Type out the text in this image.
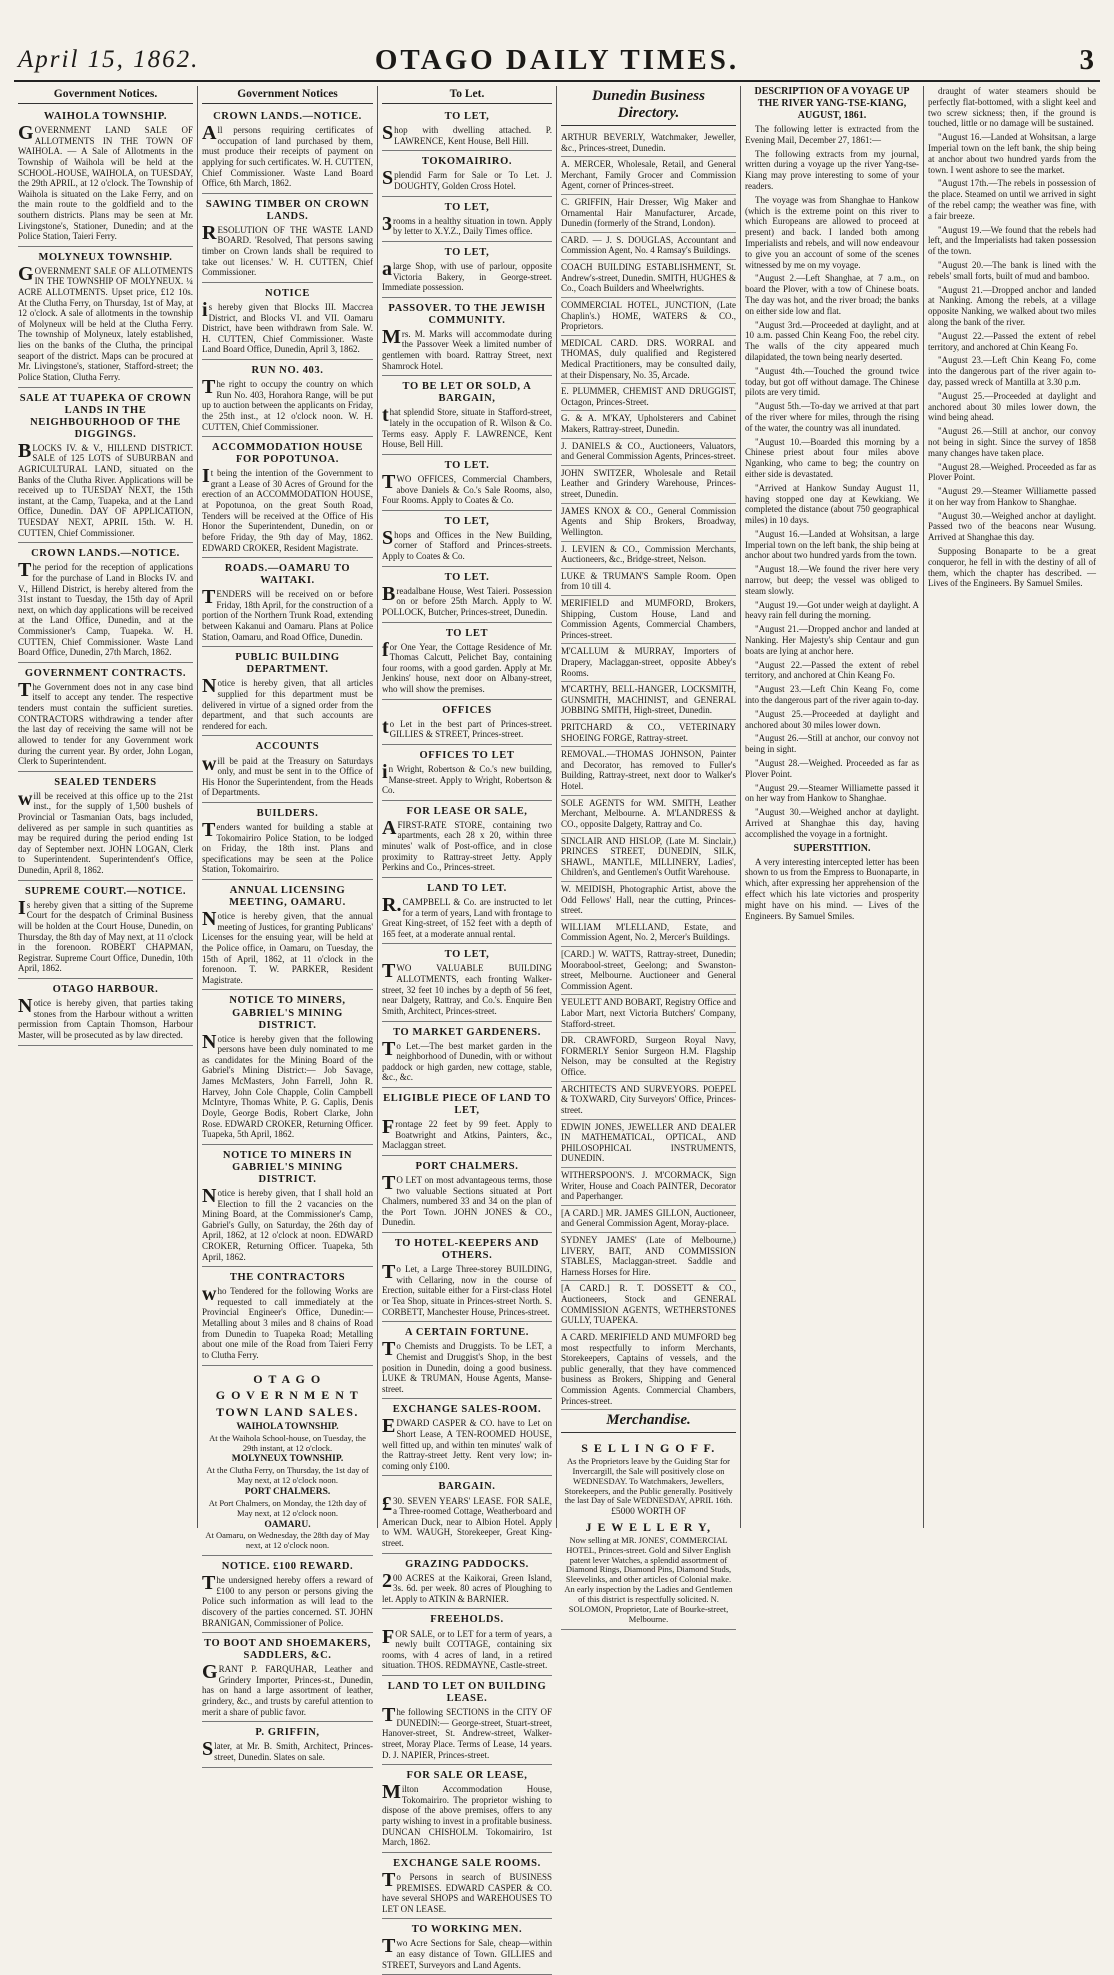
April 15, 1862.	OTAGO DAILY TIMES.	3
Government Notices.
WAIHOLA TOWNSHIP.
GOVERNMENT LAND SALE OF ALLOTMENTS IN THE TOWN OF WAIHOLA. — A Sale of Allotments in the Township of Waihola will be held at the SCHOOL-HOUSE, WAIHOLA, on TUESDAY, the 29th APRIL, at 12 o'clock. The Township of Waihola is situated on the Lake Ferry, and on the main route to the goldfield and to the southern districts. Plans may be seen at Mr. Livingstone's, Stationer, Dunedin; and at the Police Station, Taieri Ferry.
MOLYNEUX TOWNSHIP.
GOVERNMENT SALE OF ALLOTMENTS IN THE TOWNSHIP OF MOLYNEUX. ¼ ACRE ALLOTMENTS. Upset price, £12 10s. At the Clutha Ferry, on Thursday, 1st of May, at 12 o'clock. A sale of allotments in the township of Molyneux will be held at the Clutha Ferry. The township of Molyneux, lately established, lies on the banks of the Clutha, the principal seaport of the district. Maps can be procured at Mr. Livingstone's, stationer, Stafford-street; the Police Station, Clutha Ferry.
SALE AT TUAPEKA OF CROWN LANDS IN THE NEIGHBOURHOOD OF THE DIGGINGS.
BLOCKS IV. & V., HILLEND DISTRICT. SALE of 125 LOTS of SUBURBAN and AGRICULTURAL LAND, situated on the Banks of the Clutha River. Applications will be received up to TUESDAY NEXT, the 15th instant, at the Camp, Tuapeka, and at the Land Office, Dunedin. DAY OF APPLICATION, TUESDAY NEXT, APRIL 15th. W. H. CUTTEN, Chief Commissioner.
CROWN LANDS.—NOTICE.
The period for the reception of applications for the purchase of Land in Blocks IV. and V., Hillend District, is hereby altered from the 31st instant to Tuesday, the 15th day of April next, on which day applications will be received at the Land Office, Dunedin, and at the Commissioner's Camp, Tuapeka. W. H. CUTTEN, Chief Commissioner. Waste Land Board Office, Dunedin, 27th March, 1862.
GOVERNMENT CONTRACTS.
The Government does not in any case bind itself to accept any tender. The respective tenders must contain the sufficient sureties. CONTRACTORS withdrawing a tender after the last day of receiving the same will not be allowed to tender for any Government work during the current year. By order, John Logan, Clerk to Superintendent.
SEALED TENDERS
will be received at this office up to the 21st inst., for the supply of 1,500 bushels of Provincial or Tasmanian Oats, bags included, delivered as per sample in such quantities as may be required during the period ending 1st day of September next. JOHN LOGAN, Clerk to Superintendent. Superintendent's Office, Dunedin, April 8, 1862.
SUPREME COURT.—NOTICE.
Is hereby given that a sitting of the Supreme Court for the despatch of Criminal Business will be holden at the Court House, Dunedin, on Thursday, the 8th day of May next, at 11 o'clock in the forenoon. ROBERT CHAPMAN, Registrar. Supreme Court Office, Dunedin, 10th April, 1862.
OTAGO HARBOUR.
Notice is hereby given, that parties taking stones from the Harbour without a written permission from Captain Thomson, Harbour Master, will be prosecuted as by law directed.
Government Notices
CROWN LANDS.—NOTICE.
All persons requiring certificates of occupation of land purchased by them, must produce their receipts of payment on applying for such certificates. W. H. CUTTEN, Chief Commissioner. Waste Land Board Office, 6th March, 1862.
SAWING TIMBER ON CROWN LANDS.
RESOLUTION OF THE WASTE LAND BOARD. 'Resolved, That persons sawing timber on Crown lands shall be required to take out licenses.' W. H. CUTTEN, Chief Commissioner.
NOTICE
is hereby given that Blocks III. Maccrea District, and Blocks VI. and VII. Oamaru District, have been withdrawn from Sale. W. H. CUTTEN, Chief Commissioner. Waste Land Board Office, Dunedin, April 3, 1862.
RUN NO. 403.
The right to occupy the country on which Run No. 403, Horahora Range, will be put up to auction between the applicants on Friday, the 25th inst., at 12 o'clock noon. W. H. CUTTEN, Chief Commissioner.
ACCOMMODATION HOUSE FOR POPOTUNOA.
It being the intention of the Government to grant a Lease of 30 Acres of Ground for the erection of an ACCOMMODATION HOUSE, at Popotunoa, on the great South Road, Tenders will be received at the Office of His Honor the Superintendent, Dunedin, on or before Friday, the 9th day of May, 1862. EDWARD CROKER, Resident Magistrate.
ROADS.—OAMARU TO WAITAKI.
TENDERS will be received on or before Friday, 18th April, for the construction of a portion of the Northern Trunk Road, extending between Kakanui and Oamaru. Plans at Police Station, Oamaru, and Road Office, Dunedin.
PUBLIC BUILDING DEPARTMENT.
Notice is hereby given, that all articles supplied for this department must be delivered in virtue of a signed order from the department, and that such accounts are rendered for each.
ACCOUNTS
will be paid at the Treasury on Saturdays only, and must be sent in to the Office of His Honor the Superintendent, from the Heads of Departments.
BUILDERS.
Tenders wanted for building a stable at Tokomairiro Police Station, to be lodged on Friday, the 18th inst. Plans and specifications may be seen at the Police Station, Tokomairiro.
ANNUAL LICENSING MEETING, OAMARU.
Notice is hereby given, that the annual meeting of Justices, for granting Publicans' Licenses for the ensuing year, will be held at the Police office, in Oamaru, on Tuesday, the 15th of April, 1862, at 11 o'clock in the forenoon. T. W. PARKER, Resident Magistrate.
NOTICE TO MINERS, GABRIEL'S MINING DISTRICT.
Notice is hereby given that the following persons have been duly nominated to me as candidates for the Mining Board of the Gabriel's Mining District:— Job Savage, James McMasters, John Farrell, John R. Harvey, John Cole Chapple, Colin Campbell McIntyre, Thomas White, P. G. Caplis, Denis Doyle, George Bodis, Robert Clarke, John Rose. EDWARD CROKER, Returning Officer. Tuapeka, 5th April, 1862.
NOTICE TO MINERS IN GABRIEL'S MINING DISTRICT.
Notice is hereby given, that I shall hold an Election to fill the 2 vacancies on the Mining Board, at the Commissioner's Camp, Gabriel's Gully, on Saturday, the 26th day of April, 1862, at 12 o'clock at noon. EDWARD CROKER, Returning Officer. Tuapeka, 5th April, 1862.
THE CONTRACTORS
who Tendered for the following Works are requested to call immediately at the Provincial Engineer's Office, Dunedin:— Metalling about 3 miles and 8 chains of Road from Dunedin to Tuapeka Road; Metalling about one mile of the Road from Taieri Ferry to Clutha Ferry.
O T A G O
G O V E R N M E N T
TOWN LAND SALES.
WAIHOLA TOWNSHIP.
At the Waihola School-house, on Tuesday, the 29th instant, at 12 o'clock.
MOLYNEUX TOWNSHIP.
At the Clutha Ferry, on Thursday, the 1st day of May next, at 12 o'clock noon.
PORT CHALMERS.
At Port Chalmers, on Monday, the 12th day of May next, at 12 o'clock noon.
OAMARU.
At Oamaru, on Wednesday, the 28th day of May next, at 12 o'clock noon.
NOTICE. £100 REWARD.
The undersigned hereby offers a reward of £100 to any person or persons giving the Police such information as will lead to the discovery of the parties concerned. ST. JOHN BRANIGAN, Commissioner of Police.
TO BOOT AND SHOEMAKERS, SADDLERS, &C.
GRANT P. FARQUHAR, Leather and Grindery Importer, Princes-st., Dunedin, has on hand a large assortment of leather, grindery, &c., and trusts by careful attention to merit a share of public favor.
P. GRIFFIN,
Slater, at Mr. B. Smith, Architect, Princes-street, Dunedin. Slates on sale.
To Let.
TO LET,
Shop with dwelling attached. P. LAWRENCE, Kent House, Bell Hill.
TOKOMAIRIRO.
Splendid Farm for Sale or To Let. J. DOUGHTY, Golden Cross Hotel.
TO LET,
3rooms in a healthy situation in town. Apply by letter to X.Y.Z., Daily Times office.
TO LET,
alarge Shop, with use of parlour, opposite Victoria Bakery, in George-street. Immediate possession.
PASSOVER. TO THE JEWISH COMMUNITY.
Mrs. M. Marks will accommodate during the Passover Week a limited number of gentlemen with board. Rattray Street, next Shamrock Hotel.
TO BE LET OR SOLD, A BARGAIN,
that splendid Store, situate in Stafford-street, lately in the occupation of R. Wilson & Co. Terms easy. Apply F. LAWRENCE, Kent House, Bell Hill.
TO LET.
TWO OFFICES, Commercial Chambers, above Daniels & Co.'s Sale Rooms, also, Four Rooms. Apply to Coates & Co.
TO LET,
Shops and Offices in the New Building, corner of Stafford and Princes-streets. Apply to Coates & Co.
TO LET.
Breadalbane House, West Taieri. Possession on or before 25th March. Apply to W. POLLOCK, Butcher, Princes-street, Dunedin.
TO LET
for One Year, the Cottage Residence of Mr. Thomas Calcutt, Pelichet Bay, containing four rooms, with a good garden. Apply at Mr. Jenkins' house, next door on Albany-street, who will show the premises.
OFFICES
to Let in the best part of Princes-street. GILLIES & STREET, Princes-street.
OFFICES TO LET
in Wright, Robertson & Co.'s new building, Manse-street. Apply to Wright, Robertson & Co.
FOR LEASE OR SALE,
AFIRST-RATE STORE, containing two apartments, each 28 x 20, within three minutes' walk of Post-office, and in close proximity to Rattray-street Jetty. Apply Perkins and Co., Princes-street.
LAND TO LET.
R.CAMPBELL & Co. are instructed to let for a term of years, Land with frontage to Great King-street, of 152 feet with a depth of 165 feet, at a moderate annual rental.
TO LET,
TWO VALUABLE BUILDING ALLOTMENTS, each fronting Walker-street, 32 feet 10 inches by a depth of 56 feet, near Dalgety, Rattray, and Co.'s. Enquire Ben Smith, Architect, Princes-street.
TO MARKET GARDENERS.
To Let.—The best market garden in the neighborhood of Dunedin, with or without paddock or high garden, new cottage, stable, &c., &c.
ELIGIBLE PIECE OF LAND TO LET,
Frontage 22 feet by 99 feet. Apply to Boatwright and Atkins, Painters, &c., Maclaggan street.
PORT CHALMERS.
TO LET on most advantageous terms, those two valuable Sections situated at Port Chalmers, numbered 33 and 34 on the plan of the Port Town. JOHN JONES & CO., Dunedin.
TO HOTEL-KEEPERS AND OTHERS.
To Let, a Large Three-storey BUILDING, with Cellaring, now in the course of Erection, suitable either for a First-class Hotel or Tea Shop, situate in Princes-street North. S. CORBETT, Manchester House, Princes-street.
A CERTAIN FORTUNE.
To Chemists and Druggists. To be LET, a Chemist and Druggist's Shop, in the best position in Dunedin, doing a good business. LUKE & TRUMAN, House Agents, Manse-street.
EXCHANGE SALES-ROOM.
EDWARD CASPER & CO. have to Let on Short Lease, A TEN-ROOMED HOUSE, well fitted up, and within ten minutes' walk of the Rattray-street Jetty. Rent very low; in-coming only £100.
BARGAIN.
£30. SEVEN YEARS' LEASE. FOR SALE, a Three-roomed Cottage, Weatherboard and American Duck, near to Albion Hotel. Apply to WM. WAUGH, Storekeeper, Great King-street.
GRAZING PADDOCKS.
200 ACRES at the Kaikorai, Green Island, 3s. 6d. per week. 80 acres of Ploughing to let. Apply to ATKIN & BARNIER.
FREEHOLDS.
FOR SALE, or to LET for a term of years, a newly built COTTAGE, containing six rooms, with 4 acres of land, in a retired situation. THOS. REDMAYNE, Castle-street.
LAND TO LET ON BUILDING LEASE.
The following SECTIONS in the CITY OF DUNEDIN:— George-street, Stuart-street, Hanover-street, St. Andrew-street, Walker-street, Moray Place. Terms of Lease, 14 years. D. J. NAPIER, Princes-street.
FOR SALE OR LEASE,
Milton Accommodation House, Tokomairiro. The proprietor wishing to dispose of the above premises, offers to any party wishing to invest in a profitable business. DUNCAN CHISHOLM. Tokomairiro, 1st March, 1862.
EXCHANGE SALE ROOMS.
To Persons in search of BUSINESS PREMISES. EDWARD CASPER & CO. have several SHOPS and WAREHOUSES TO LET ON LEASE.
TO WORKING MEN.
Two Acre Sections for Sale, cheap—within an easy distance of Town. GILLIES and STREET, Surveyors and Land Agents.
Dunedin Business Directory.
ARTHUR BEVERLY, Watchmaker, Jeweller, &c., Princes-street, Dunedin.
A. MERCER, Wholesale, Retail, and General Merchant, Family Grocer and Commission Agent, corner of Princes-street.
C. GRIFFIN, Hair Dresser, Wig Maker and Ornamental Hair Manufacturer, Arcade, Dunedin (formerly of the Strand, London).
CARD. — J. S. DOUGLAS, Accountant and Commission Agent, No. 4 Ramsay's Buildings.
COACH BUILDING ESTABLISHMENT, St. Andrew's-street, Dunedin. SMITH, HUGHES & Co., Coach Builders and Wheelwrights.
COMMERCIAL HOTEL, JUNCTION, (Late Chaplin's.) HOME, WATERS & CO., Proprietors.
MEDICAL CARD. DRS. WORRAL and THOMAS, duly qualified and Registered Medical Practitioners, may be consulted daily, at their Dispensary, No. 35, Arcade.
E. PLUMMER, CHEMIST AND DRUGGIST, Octagon, Princes-Street.
G. & A. M'KAY, Upholsterers and Cabinet Makers, Rattray-street, Dunedin.
J. DANIELS & CO., Auctioneers, Valuators, and General Commission Agents, Princes-street.
JOHN SWITZER, Wholesale and Retail Leather and Grindery Warehouse, Princes-street, Dunedin.
JAMES KNOX & CO., General Commission Agents and Ship Brokers, Broadway, Wellington.
J. LEVIEN & CO., Commission Merchants, Auctioneers, &c., Bridge-street, Nelson.
LUKE & TRUMAN'S Sample Room. Open from 10 till 4.
MERIFIELD and MUMFORD, Brokers, Shipping, Custom House, Land and Commission Agents, Commercial Chambers, Princes-street.
M'CALLUM & MURRAY, Importers of Drapery, Maclaggan-street, opposite Abbey's Rooms.
M'CARTHY, BELL-HANGER, LOCKSMITH, GUNSMITH, MACHINIST, and GENERAL JOBBING SMITH, High-street, Dunedin.
PRITCHARD & CO., VETERINARY SHOEING FORGE, Rattray-street.
REMOVAL.—THOMAS JOHNSON, Painter and Decorator, has removed to Fuller's Building, Rattray-street, next door to Walker's Hotel.
SOLE AGENTS for WM. SMITH, Leather Merchant, Melbourne. A. M'LANDRESS & CO., opposite Dalgety, Rattray and Co.
SINCLAIR AND HISLOP, (Late M. Sinclair,) PRINCES STREET, DUNEDIN, SILK, SHAWL, MANTLE, MILLINERY, Ladies', Children's, and Gentlemen's Outfit Warehouse.
W. MEIDISH, Photographic Artist, above the Odd Fellows' Hall, near the cutting, Princes-street.
WILLIAM M'LELLAND, Estate, and Commission Agent, No. 2, Mercer's Buildings.
[CARD.] W. WATTS, Rattray-street, Dunedin; Moorabool-street, Geelong; and Swanston-street, Melbourne. Auctioneer and General Commission Agent.
YEULETT AND BOBART, Registry Office and Labor Mart, next Victoria Butchers' Company, Stafford-street.
DR. CRAWFORD, Surgeon Royal Navy, FORMERLY Senior Surgeon H.M. Flagship Nelson, may be consulted at the Registry Office.
ARCHITECTS AND SURVEYORS. POEPEL & TOXWARD, City Surveyors' Office, Princes-street.
EDWIN JONES, JEWELLER AND DEALER IN MATHEMATICAL, OPTICAL, AND PHILOSOPHICAL INSTRUMENTS, DUNEDIN.
WITHERSPOON'S. J. M'CORMACK, Sign Writer, House and Coach PAINTER, Decorator and Paperhanger.
[A CARD.] MR. JAMES GILLON, Auctioneer, and General Commission Agent, Moray-place.
SYDNEY JAMES' (Late of Melbourne,) LIVERY, BAIT, AND COMMISSION STABLES, Maclaggan-street. Saddle and Harness Horses for Hire.
[A CARD.] R. T. DOSSETT & CO., Auctioneers, Stock and GENERAL COMMISSION AGENTS, WETHERSTONES GULLY, TUAPEKA.
A CARD. MERIFIELD AND MUMFORD beg most respectfully to inform Merchants, Storekeepers, Captains of vessels, and the public generally, that they have commenced business as Brokers, Shipping and General Commission Agents. Commercial Chambers, Princes-street.
Merchandise.
S E L L I N G O F F.
As the Proprietors leave by the Guiding Star for Invercargill, the Sale will positively close on WEDNESDAY. To Watchmakers, Jewellers, Storekeepers, and the Public generally. Positively the last Day of Sale WEDNESDAY, APRIL 16th.
£5000 WORTH OF
J E W E L L E R Y,
Now selling at MR. JONES', COMMERCIAL HOTEL, Princes-street. Gold and Silver English patent lever Watches, a splendid assortment of Diamond Rings, Diamond Pins, Diamond Studs, Sleevelinks, and other articles of Colonial make. An early inspection by the Ladies and Gentlemen of this district is respectfully solicited. N. SOLOMON, Proprietor, Late of Bourke-street, Melbourne.
DESCRIPTION OF A VOYAGE UP THE RIVER YANG-TSE-KIANG, AUGUST, 1861.

The following letter is extracted from the Evening Mail, December 27, 1861:—

The following extracts from my journal, written during a voyage up the river Yang-tse-Kiang may prove interesting to some of your readers.

The voyage was from Shanghae to Hankow (which is the extreme point on this river to which Europeans are allowed to proceed at present) and back. I landed both among Imperialists and rebels, and will now endeavour to give you an account of some of the scenes witnessed by me on my voyage.

"August 2.—Left Shanghae, at 7 a.m., on board the Plover, with a tow of Chinese boats. The day was hot, and the river broad; the banks on either side low and flat.

"August 3rd.—Proceeded at daylight, and at 10 a.m. passed Chin Keang Foo, the rebel city. The walls of the city appeared much dilapidated, the town being nearly deserted.

"August 4th.—Touched the ground twice today, but got off without damage. The Chinese pilots are very timid.

"August 5th.—To-day we arrived at that part of the river where for miles, through the rising of the water, the country was all inundated.

"August 10.—Boarded this morning by a Chinese priest about four miles above Nganking, who came to beg; the country on either side is devastated.

"Arrived at Hankow Sunday August 11, having stopped one day at Kewkiang. We completed the distance (about 750 geographical miles) in 10 days.

"August 16.—Landed at Wohsitsan, a large Imperial town on the left bank, the ship being at anchor about two hundred yards from the town.

"August 18.—We found the river here very narrow, but deep; the vessel was obliged to steam slowly.

"August 19.—Got under weigh at daylight. A heavy rain fell during the morning.

"August 21.—Dropped anchor and landed at Nanking. Her Majesty's ship Centaur and gun boats are lying at anchor here.

"August 22.—Passed the extent of rebel territory, and anchored at Chin Keang Fo.

"August 23.—Left Chin Keang Fo, come into the dangerous part of the river again to-day.

"August 25.—Proceeded at daylight and anchored about 30 miles lower down.

"August 26.—Still at anchor, our convoy not being in sight.

"August 28.—Weighed. Proceeded as far as Plover Point.

"August 29.—Steamer Williamette passed it on her way from Hankow to Shanghae.

"August 30.—Weighed anchor at daylight. Arrived at Shanghae this day, having accomplished the voyage in a fortnight.

SUPERSTITION.

A very interesting intercepted letter has been shown to us from the Empress to Buonaparte, in which, after expressing her apprehension of the effect which his late victories and prosperity might have on his mind. — Lives of the Engineers. By Samuel Smiles.

draught of water steamers should be perfectly flat-bottomed, with a slight keel and two screw sickness; then, if the ground is touched, little or no damage will be sustained.

"August 16.—Landed at Wohsitsan, a large Imperial town on the left bank, the ship being at anchor about two hundred yards from the town. I went ashore to see the market.

"August 17th.—The rebels in possession of the place. Steamed on until we arrived in sight of the rebel camp; the weather was fine, with a fair breeze.

"August 19.—We found that the rebels had left, and the Imperialists had taken possession of the town.

"August 20.—The bank is lined with the rebels' small forts, built of mud and bamboo.

"August 21.—Dropped anchor and landed at Nanking. Among the rebels, at a village opposite Nanking, we walked about two miles along the bank of the river.

"August 22.—Passed the extent of rebel territory, and anchored at Chin Keang Fo.

"August 23.—Left Chin Keang Fo, come into the dangerous part of the river again to-day, passed wreck of Mantilla at 3.30 p.m.

"August 25.—Proceeded at daylight and anchored about 30 miles lower down, the wind being ahead.

"August 26.—Still at anchor, our convoy not being in sight. Since the survey of 1858 many changes have taken place.

"August 28.—Weighed. Proceeded as far as Plover Point.

"August 29.—Steamer Williamette passed it on her way from Hankow to Shanghae.

"August 30.—Weighed anchor at daylight. Passed two of the beacons near Wusung. Arrived at Shanghae this day.

Supposing Bonaparte to be a great conqueror, he fell in with the destiny of all of them, which the chapter has described. — Lives of the Engineers. By Samuel Smiles.
